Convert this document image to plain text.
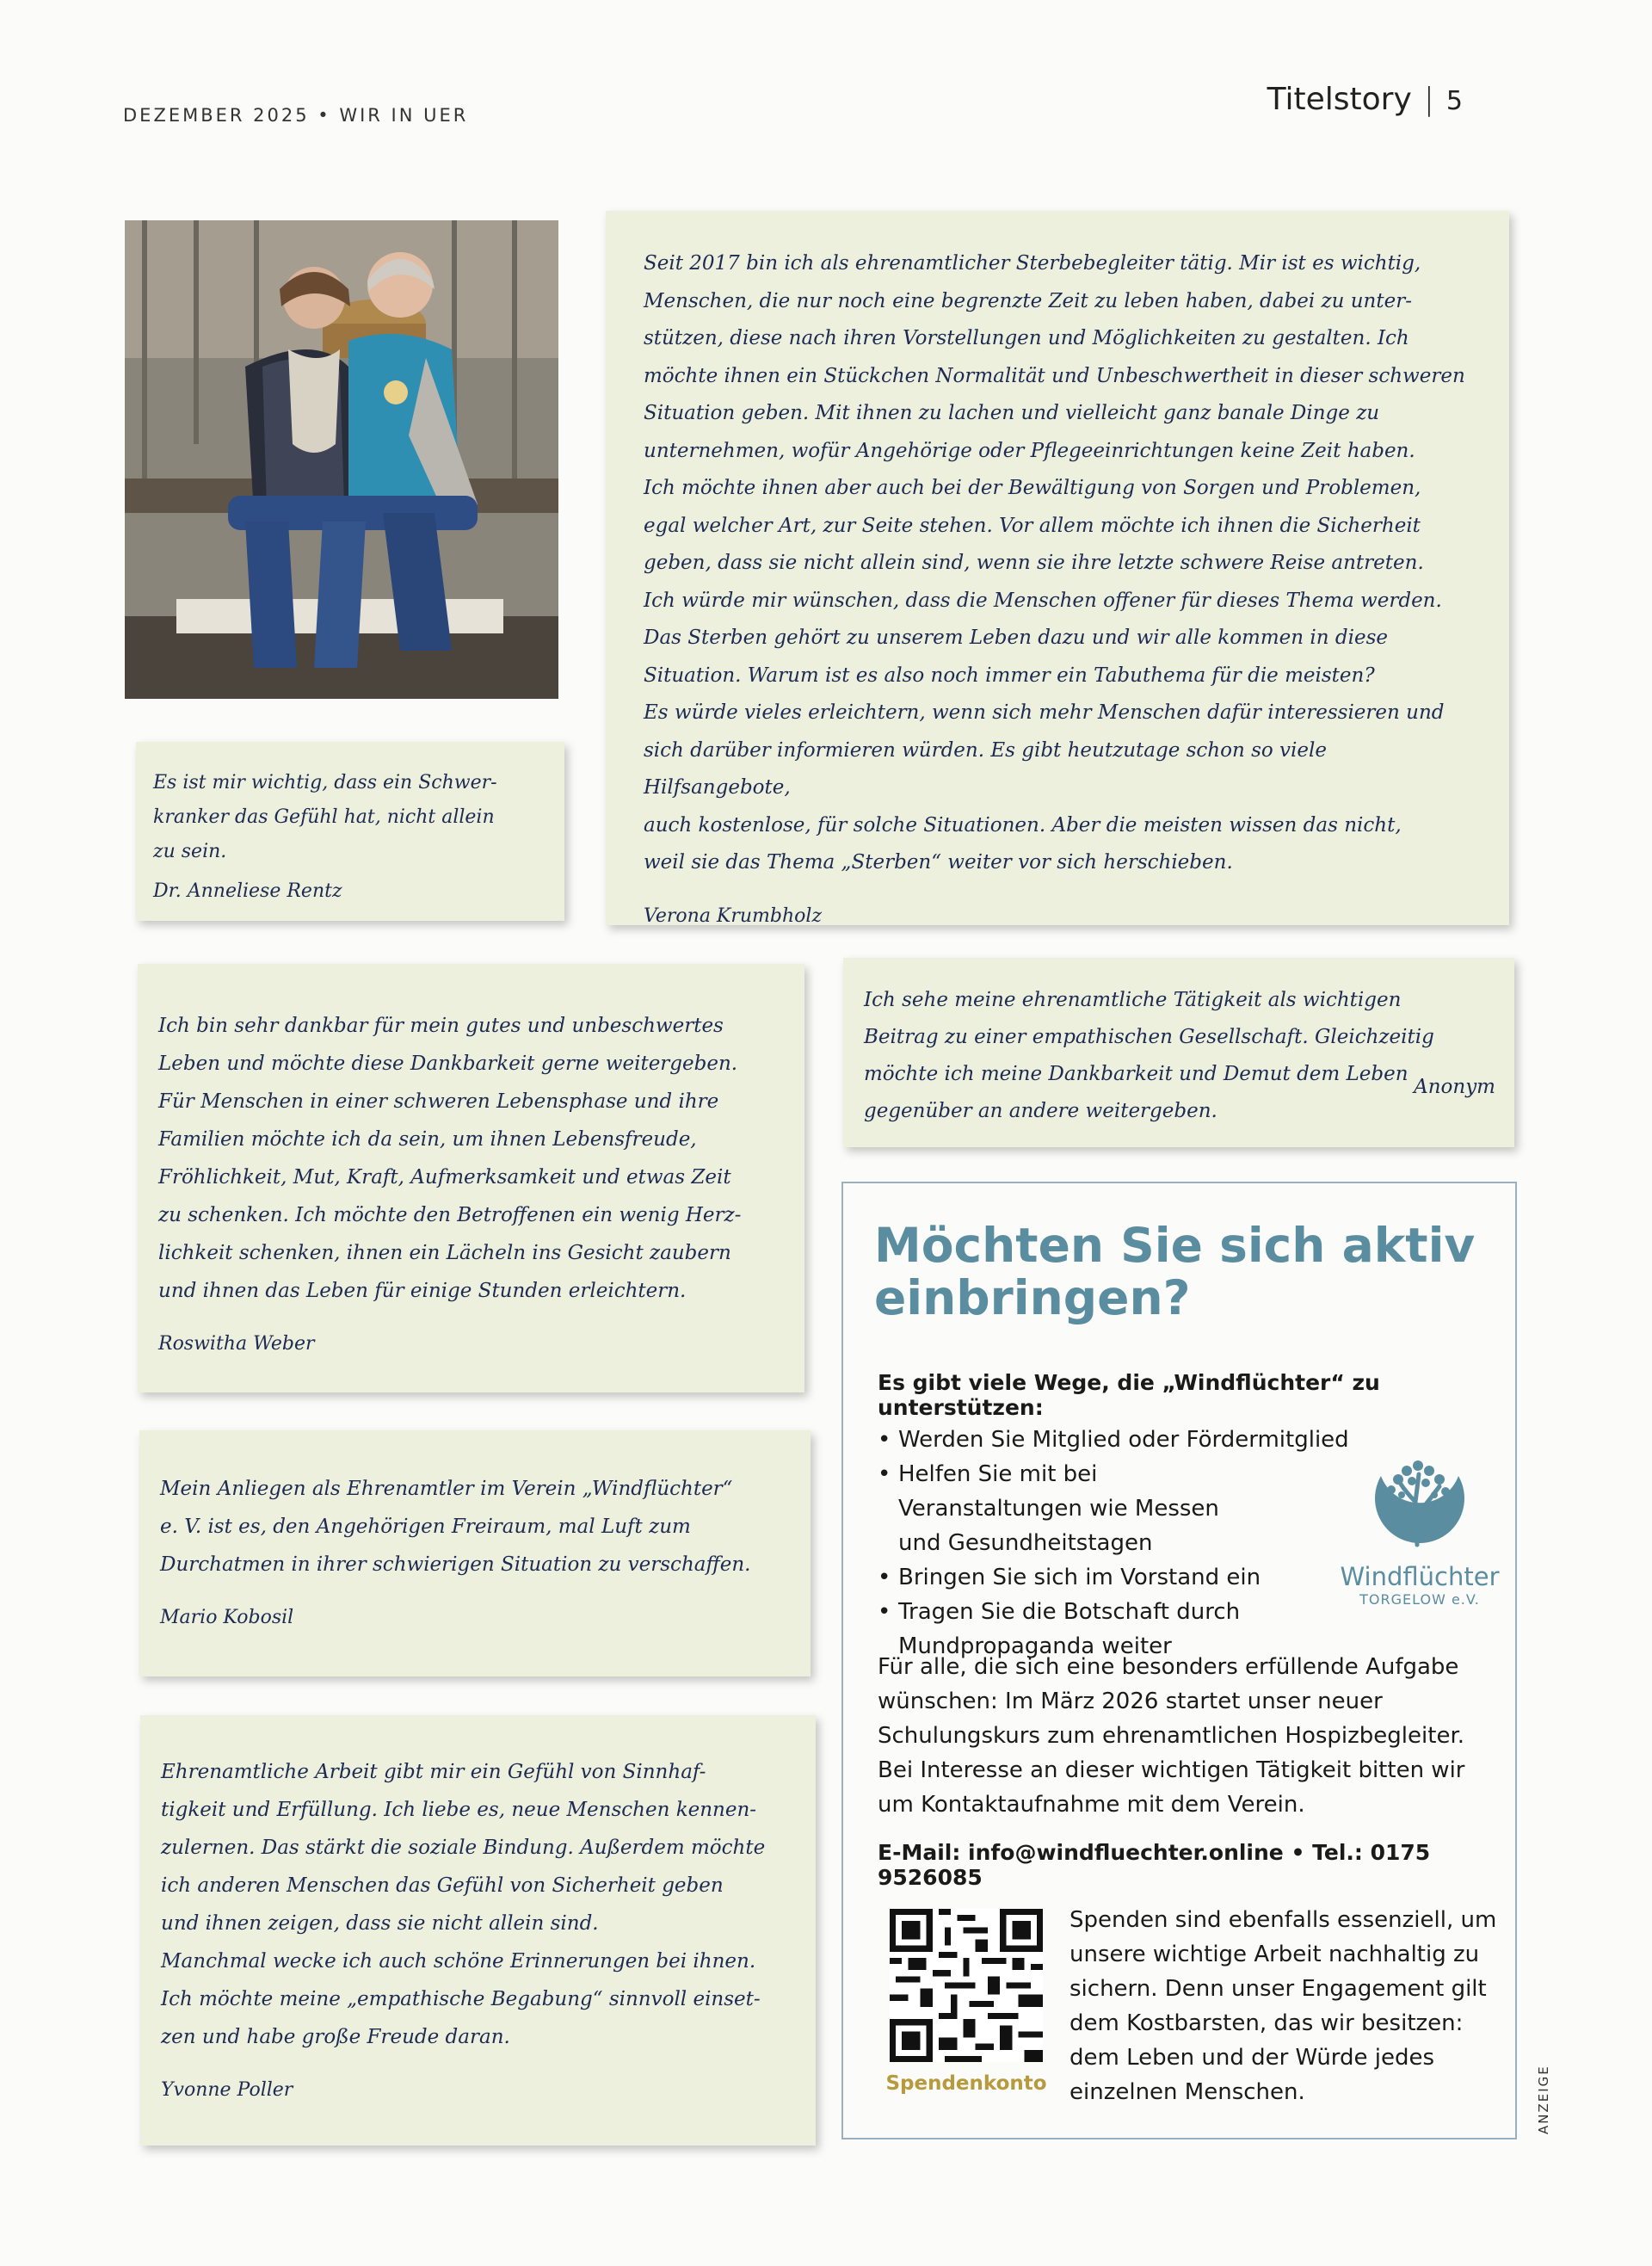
DEZEMBER 2025 • WIR IN UER	Titelstory | 5

Seit 2017 bin ich als ehrenamtlicher Sterbebegleiter tätig. Mir ist es wichtig,

Menschen, die nur noch eine begrenzte Zeit zu leben haben, dabei zu unter-

stützen, diese nach ihren Vorstellungen und Möglichkeiten zu gestalten. Ich

möchte ihnen ein Stückchen Normalität und Unbeschwertheit in dieser schweren

Situation geben. Mit ihnen zu lachen und vielleicht ganz banale Dinge zu

unternehmen, wofür Angehörige oder Pflegeeinrichtungen keine Zeit haben.

Ich möchte ihnen aber auch bei der Bewältigung von Sorgen und Problemen,

egal welcher Art, zur Seite stehen. Vor allem möchte ich ihnen die Sicherheit

geben, dass sie nicht allein sind, wenn sie ihre letzte schwere Reise antreten.

Ich würde mir wünschen, dass die Menschen offener für dieses Thema werden.

Das Sterben gehört zu unserem Leben dazu und wir alle kommen in diese

Situation. Warum ist es also noch immer ein Tabuthema für die meisten?

Es würde vieles erleichtern, wenn sich mehr Menschen dafür interessieren und

sich darüber informieren würden. Es gibt heutzutage schon so viele Hilfsangebote,

auch kostenlose, für solche Situationen. Aber die meisten wissen das nicht,

weil sie das Thema „Sterben“ weiter vor sich herschieben.

Verona Krumbholz

Es ist mir wichtig, dass ein Schwer-

kranker das Gefühl hat, nicht allein

zu sein.

Dr. Anneliese Rentz

Ich bin sehr dankbar für mein gutes und unbeschwertes

Leben und möchte diese Dankbarkeit gerne weitergeben.

Für Menschen in einer schweren Lebensphase und ihre

Familien möchte ich da sein, um ihnen Lebensfreude,

Fröhlichkeit, Mut, Kraft, Aufmerksamkeit und etwas Zeit

zu schenken. Ich möchte den Betroffenen ein wenig Herz-

lichkeit schenken, ihnen ein Lächeln ins Gesicht zaubern

und ihnen das Leben für einige Stunden erleichtern.

Roswitha Weber

Ich sehe meine ehrenamtliche Tätigkeit als wichtigen

Beitrag zu einer empathischen Gesellschaft. Gleichzeitig

möchte ich meine Dankbarkeit und Demut dem Leben

gegenüber an andere weitergeben.

Anonym

Mein Anliegen als Ehrenamtler im Verein „Windflüchter“

e. V. ist es, den Angehörigen Freiraum, mal Luft zum

Durchatmen in ihrer schwierigen Situation zu verschaffen.

Mario Kobosil

Ehrenamtliche Arbeit gibt mir ein Gefühl von Sinnhaf-

tigkeit und Erfüllung. Ich liebe es, neue Menschen kennen-

zulernen. Das stärkt die soziale Bindung. Außerdem möchte

ich anderen Menschen das Gefühl von Sicherheit geben

und ihnen zeigen, dass sie nicht allein sind.

Manchmal wecke ich auch schöne Erinnerungen bei ihnen.

Ich möchte meine „empathische Begabung“ sinnvoll einset-

zen und habe große Freude daran.

Yvonne Poller

Möchten Sie sich aktiv einbringen?
Es gibt viele Wege, die „Windflüchter“ zu unterstützen:
• Werden Sie Mitglied oder Fördermitglied
• Helfen Sie mit bei Veranstaltungen wie Messen und Gesundheitstagen
• Bringen Sie sich im Vorstand ein
• Tragen Sie die Botschaft durch Mundpropaganda weiter
Windflüchter
TORGELOW e.V.
Für alle, die sich eine besonders erfüllende Aufgabe wünschen: Im März 2026 startet unser neuer Schulungskurs zum ehrenamtlichen Hospizbegleiter. Bei Interesse an dieser wichtigen Tätigkeit bitten wir um Kontaktaufnahme mit dem Verein.
E-Mail: info@windfluechter.online • Tel.: 0175 9526085
Spendenkonto
Spenden sind ebenfalls essenziell, um unsere wichtige Arbeit nachhaltig zu sichern. Denn unser Engagement gilt dem Kostbarsten, das wir besitzen: dem Leben und der Würde jedes einzelnen Menschen.	ANZEIGE
